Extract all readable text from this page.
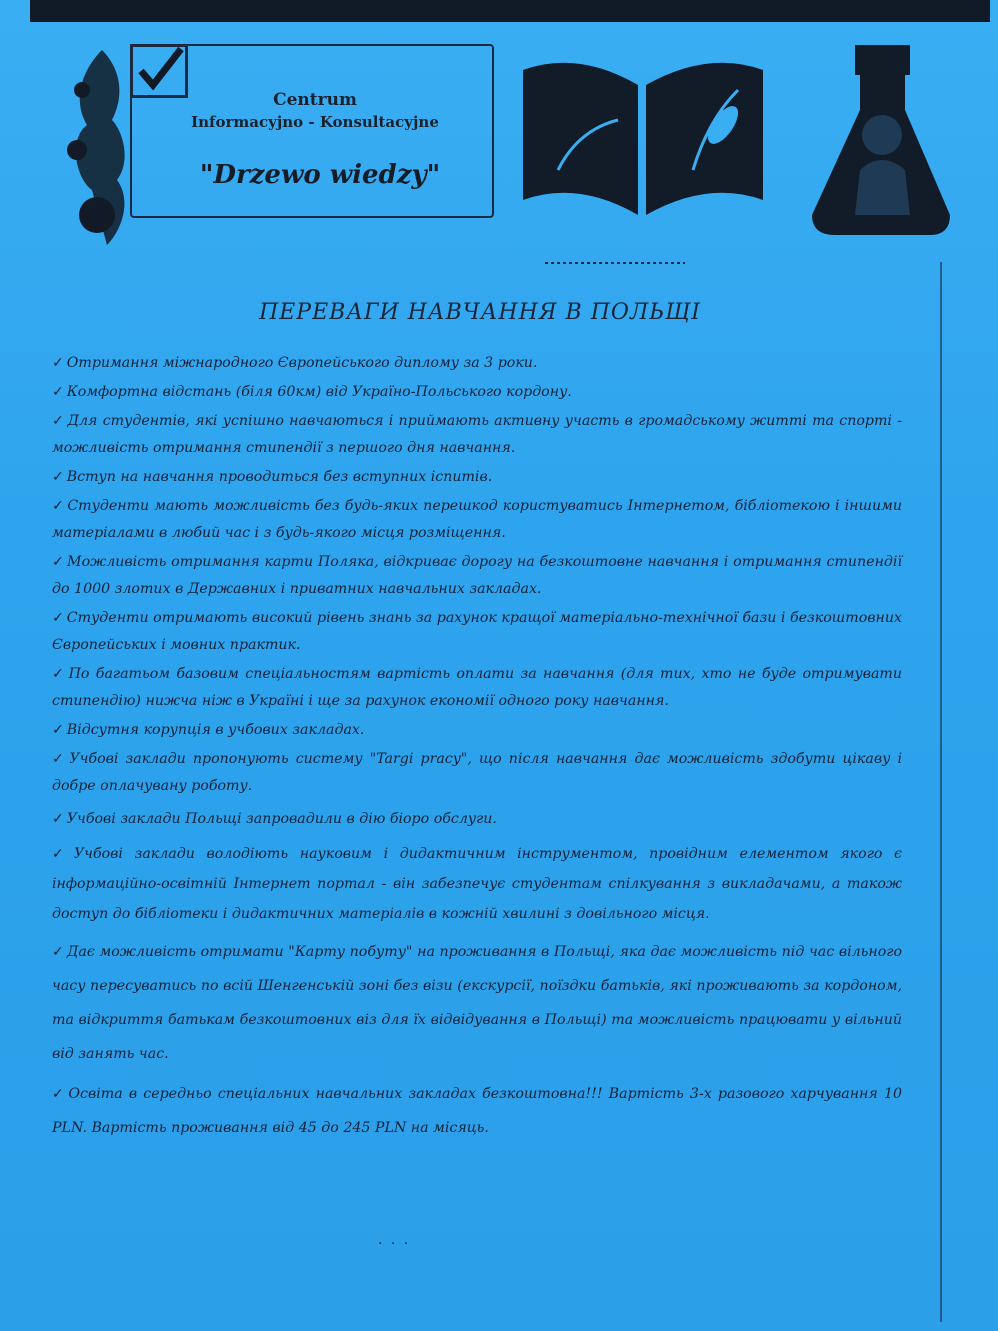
Centrum
Informacyjno - Konsultacyjne
"Drzewo wiedzy"
ПЕРЕВАГИ НАВЧАННЯ В ПОЛЬЩІ

✓ Отримання міжнародного Європейського диплому за 3 роки.

✓ Комфортна відстань (біля 60км) від Україно-Польського кордону.

✓ Для студентів, які успішно навчаються і приймають активну участь в громадському житті та спорті - можливість отримання стипендії з першого дня навчання.

✓ Вступ на навчання проводиться без вступних іспитів.

✓ Студенти мають можливість без будь-яких перешкод користуватись Інтернетом, бібліотекою і іншими матеріалами в любий час і з будь-якого місця розміщення.

✓ Можливість отримання карти Поляка, відкриває дорогу на безкоштовне навчання і отримання стипендії до 1000 злотих в Державних і приватних навчальних закладах.

✓ Студенти отримають високий рівень знань за рахунок кращої матеріально-технічної бази і безкоштовних Європейських і мовних практик.

✓ По багатьом базовим спеціальностям вартість оплати за навчання (для тих, хто не буде отримувати стипендію) нижча ніж в Україні і ще за рахунок економії одного року навчання.

✓ Відсутня корупція в учбових закладах.

✓ Учбові заклади пропонують систему "Targi pracy", що після навчання дає можливість здобути цікаву і добре оплачувану роботу.

✓ Учбові заклади Польщі запровадили в дію біоро обслуги.

✓ Учбові заклади володіють науковим і дидактичним інструментом, провідним елементом якого є інформаційно-освітній Інтернет портал - він забезпечує студентам спілкування з викладачами, а також доступ до бібліотеки і дидактичних матеріалів в кожній хвилині з довільного місця.

✓ Дає можливість отримати "Карту побуту" на проживання в Польщі, яка дає можливість під час вільного часу пересуватись по всій Шенгенській зоні без візи (екскурсії, поїздки батьків, які проживають за кордоном, та відкриття батькам безкоштовних віз для їх відвідування в Польщі) та можливість працювати у вільний від занять час.

✓ Освіта в середньо спеціальних навчальних закладах безкоштовна!!! Вартість 3-х разового харчування 10 PLN. Вартість проживання від 45 до 245 PLN на місяць.

· · ·
